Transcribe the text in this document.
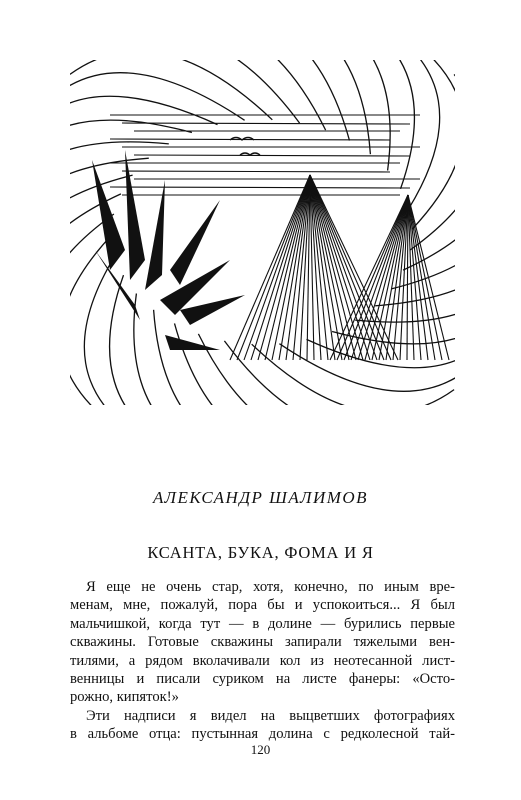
АЛЕКСАНДР ШАЛИМОВ
КСАНТА, БУКА, ФОМА И Я
Я еще не очень стар, хотя, конечно, по иным вре-
менам, мне, пожалуй, пора бы и успокоиться... Я был
мальчишкой, когда тут — в долине — бурились первые
скважины. Готовые скважины запирали тяжелыми вен-
тилями, а рядом вколачивали кол из неотесанной лист-
венницы и писали суриком на листе фанеры: «Осто-
рожно, кипяток!»
Эти надписи я видел на выцветших фотографиях
в альбоме отца: пустынная долина с редколесной тай-
120
